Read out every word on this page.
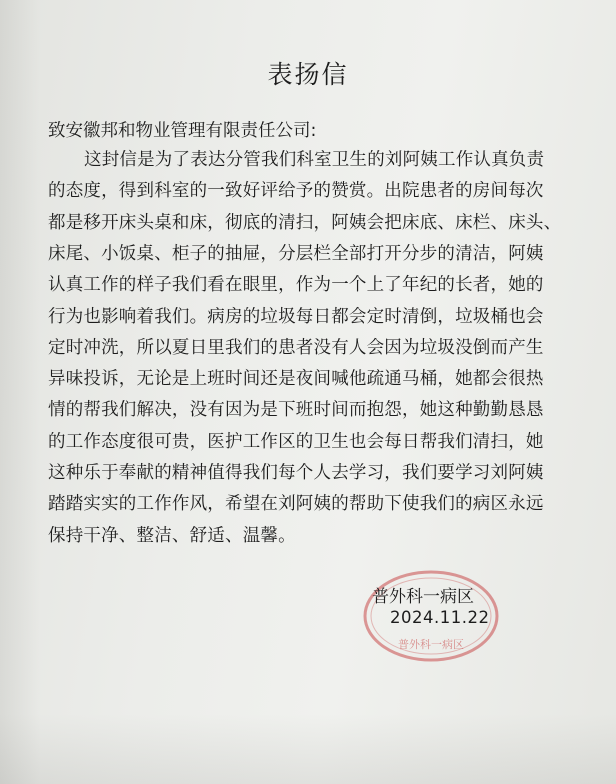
表扬信
致安徽邦和物业管理有限责任公司:
这封信是为了表达分管我们科室卫生的刘阿姨工作认真负责
的态度，得到科室的一致好评给予的赞赏。出院患者的房间每次
都是移开床头桌和床，彻底的清扫，阿姨会把床底、床栏、床头、
床尾、小饭桌、柜子的抽屉，分层栏全部打开分步的清洁，阿姨
认真工作的样子我们看在眼里，作为一个上了年纪的长者，她的
行为也影响着我们。病房的垃圾每日都会定时清倒，垃圾桶也会
定时冲洗，所以夏日里我们的患者没有人会因为垃圾没倒而产生
异味投诉，无论是上班时间还是夜间喊他疏通马桶，她都会很热
情的帮我们解决，没有因为是下班时间而抱怨，她这种勤勤恳恳
的工作态度很可贵，医护工作区的卫生也会每日帮我们清扫，她
这种乐于奉献的精神值得我们每个人去学习，我们要学习刘阿姨
踏踏实实的工作作风，希望在刘阿姨的帮助下使我们的病区永远
保持干净、整洁、舒适、温馨。
普外科一病区
普外科一病区
2024.11.22
